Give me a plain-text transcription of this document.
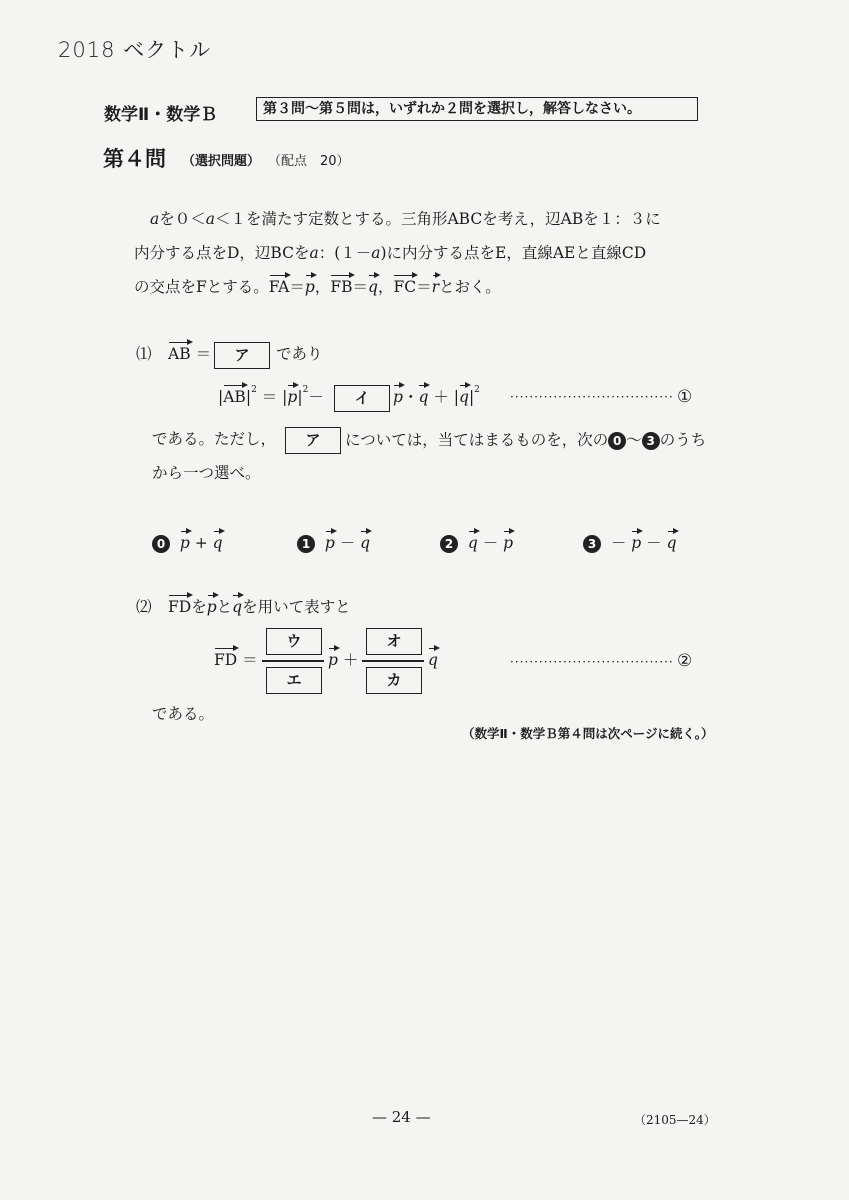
2018 ベクトル
数学Ⅱ・数学Ｂ	第３問～第５問は，いずれか２問を選択し，解答しなさい。
第４問 （選択問題） （配点　20）
𝑎を０＜𝑎＜１を満たす定数とする。三角形ABCを考え，辺ABを１：３に
内分する点をD，辺BCを𝑎：(１－𝑎)に内分する点をE，直線AEと直線CD
の交点をFとする。FA＝p，FB＝q，FC＝rとおく。
⑴ AB ＝	ア	であり
$|AB|^2 = |p|^2-$	イ	p・$q + |q|^2$	·································· ①
である。ただし，	ア	については，当てはまるものを，次の 0 ～ 3 のうち
から一つ選べ。
0 p + q	1 p － q	2 q － p	3  － p － q
⑵ FDをpとqを用いて表すと
FD ＝
ウ
エ
p ＋
オ
カ
q	·································· ②
である。
（数学Ⅱ・数学Ｂ第４問は次ページに続く。）
— 24 —	（2105—24）
